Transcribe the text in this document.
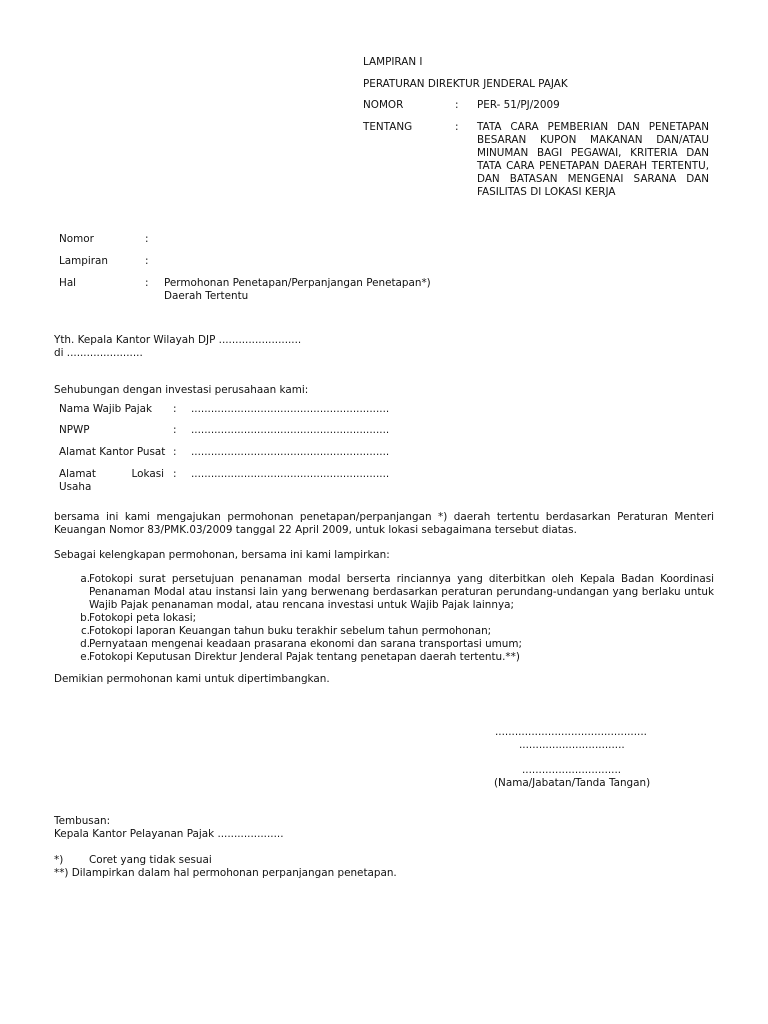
LAMPIRAN I
PERATURAN DIREKTUR JENDERAL PAJAK
NOMOR	: PER- 51/PJ/2009
TENTANG	: TATA CARA PEMBERIAN DAN PENETAPAN
BESARAN KUPON MAKANAN DAN/ATAU
MINUMAN BAGI PEGAWAI, KRITERIA DAN
TATA CARA PENETAPAN DAERAH TERTENTU,
DAN BATASAN MENGENAI SARANA DAN
FASILITAS DI LOKASI KERJA
Nomor	:
Lampiran	:
Hal	: Permohonan Penetapan/Perpanjangan Penetapan*)
Daerah Tertentu
Yth. Kepala Kantor Wilayah DJP .........................
di .......................
Sehubungan dengan investasi perusahaan kami:
Nama Wajib Pajak : ............................................................
NPWP	: ............................................................
Alamat Kantor Pusat : ............................................................
Alamat Lokasi
Usaha
: ............................................................
bersama ini kami mengajukan permohonan penetapan/perpanjangan *) daerah tertentu berdasarkan Peraturan Menteri
Keuangan Nomor 83/PMK.03/2009 tanggal 22 April 2009, untuk lokasi sebagaimana tersebut diatas.
Sebagai kelengkapan permohonan, bersama ini kami lampirkan:
a. Fotokopi surat persetujuan penanaman modal berserta rinciannya yang diterbitkan oleh Kepala Badan Koordinasi
Penanaman Modal atau instansi lain yang berwenang berdasarkan peraturan perundang-undangan yang berlaku untuk
Wajib Pajak penanaman modal, atau rencana investasi untuk Wajib Pajak lainnya;
b. Fotokopi peta lokasi;
c. Fotokopi laporan Keuangan tahun buku terakhir sebelum tahun permohonan;
d. Pernyataan mengenai keadaan prasarana ekonomi dan sarana transportasi umum;
e. Fotokopi Keputusan Direktur Jenderal Pajak tentang penetapan daerah tertentu.**)
Demikian permohonan kami untuk dipertimbangkan.
..............................................
................................
..............................
(Nama/Jabatan/Tanda Tangan)
Tembusan:
Kepala Kantor Pelayanan Pajak ....................
*) Coret yang tidak sesuai
**) Dilampirkan dalam hal permohonan perpanjangan penetapan.
